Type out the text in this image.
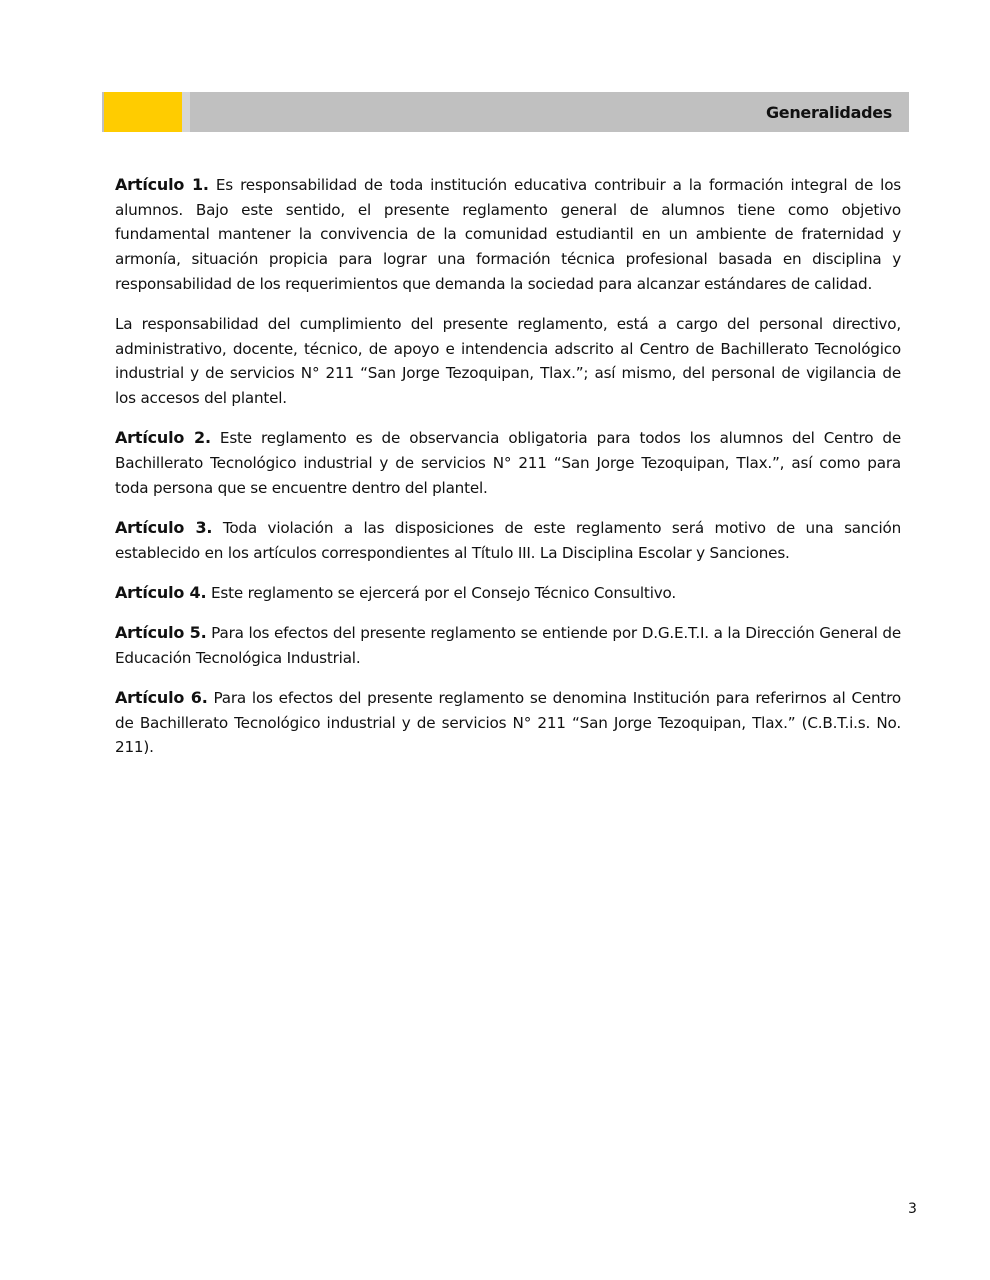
Generalidades

Artículo 1. Es responsabilidad de toda institución educativa contribuir a la formación integral de los alumnos. Bajo este sentido, el presente reglamento general de alumnos tiene como objetivo fundamental mantener la convivencia de la comunidad estudiantil en un ambiente de fraternidad y armonía, situación propicia para lograr una formación técnica profesional basada en disciplina y responsabilidad de los requerimientos que demanda la sociedad para alcanzar estándares de calidad.

La responsabilidad del cumplimiento del presente reglamento, está a cargo del personal directivo, administrativo, docente, técnico, de apoyo e intendencia adscrito al Centro de Bachillerato Tecnológico industrial y de servicios N° 211 “San Jorge Tezoquipan, Tlax.”; así mismo, del personal de vigilancia de los accesos del plantel.

Artículo 2. Este reglamento es de observancia obligatoria para todos los alumnos del Centro de Bachillerato Tecnológico industrial y de servicios N° 211 “San Jorge Tezoquipan, Tlax.”, así como para toda persona que se encuentre dentro del plantel.

Artículo 3. Toda violación a las disposiciones de este reglamento será motivo de una sanción establecido en los artículos correspondientes al Título III. La Disciplina Escolar y Sanciones.

Artículo 4. Este reglamento se ejercerá por el Consejo Técnico Consultivo.

Artículo 5. Para los efectos del presente reglamento se entiende por D.G.E.T.I. a la Dirección General de Educación Tecnológica Industrial.

Artículo 6. Para los efectos del presente reglamento se denomina Institución para referirnos al Centro de Bachillerato Tecnológico industrial y de servicios N° 211 “San Jorge Tezoquipan, Tlax.” (C.B.T.i.s. No. 211).

3
